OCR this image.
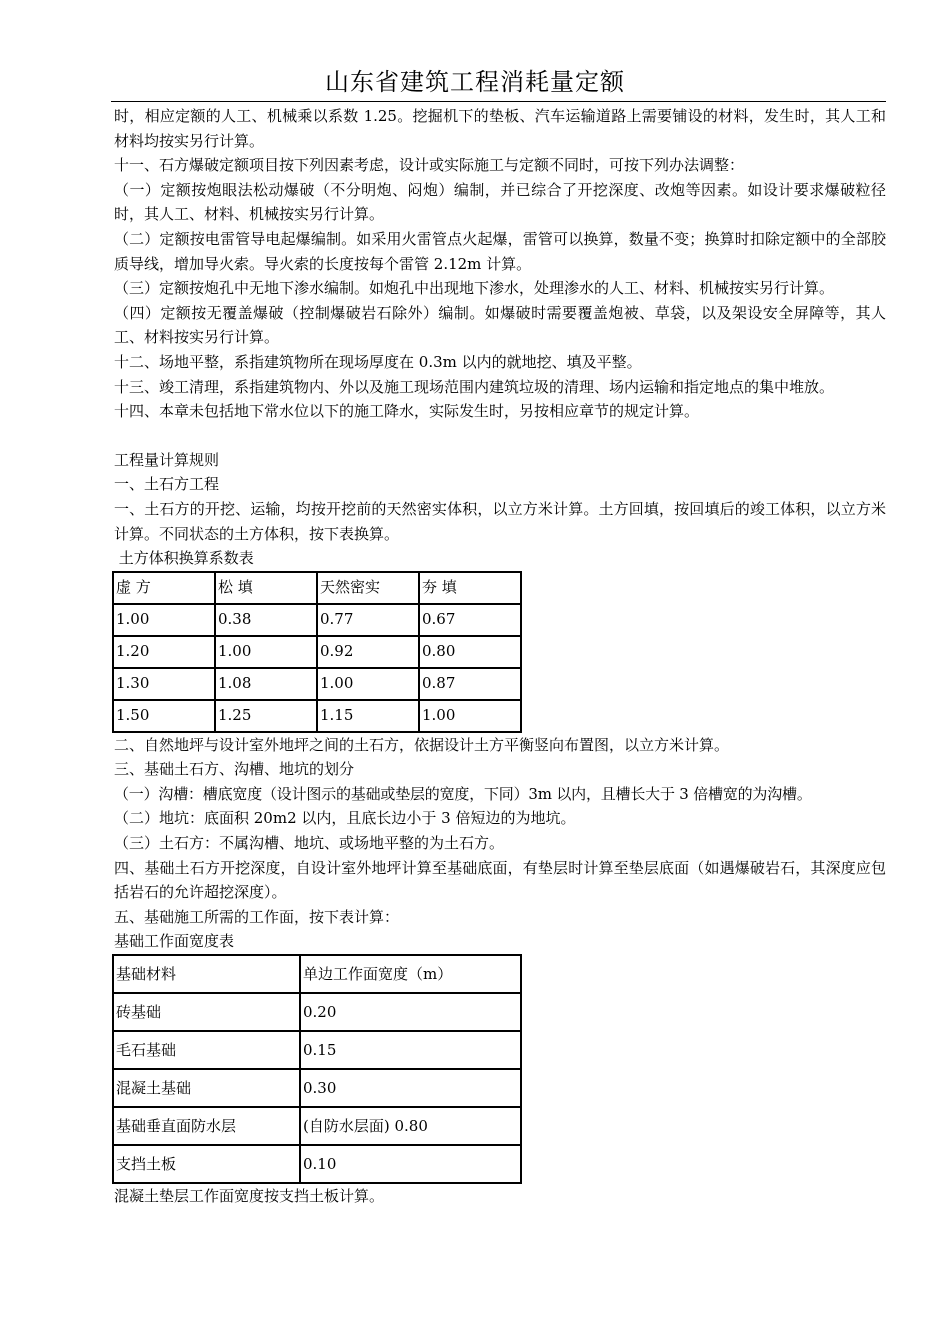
山东省建筑工程消耗量定额

时，相应定额的人工、机械乘以系数 1.25。挖掘机下的垫板、汽车运输道路上需要铺设的材料，发生时，其人工和材料均按实另行计算。

十一、石方爆破定额项目按下列因素考虑，设计或实际施工与定额不同时，可按下列办法调整：

（一）定额按炮眼法松动爆破（不分明炮、闷炮）编制，并已综合了开挖深度、改炮等因素。如设计要求爆破粒径时，其人工、材料、机械按实另行计算。

（二）定额按电雷管导电起爆编制。如采用火雷管点火起爆，雷管可以换算，数量不变；换算时扣除定额中的全部胶质导线，增加导火索。导火索的长度按每个雷管 2.12m 计算。

（三）定额按炮孔中无地下渗水编制。如炮孔中出现地下渗水，处理渗水的人工、材料、机械按实另行计算。

（四）定额按无覆盖爆破（控制爆破岩石除外）编制。如爆破时需要覆盖炮被、草袋，以及架设安全屏障等，其人工、材料按实另行计算。

十二、场地平整，系指建筑物所在现场厚度在 0.3m 以内的就地挖、填及平整。

十三、竣工清理，系指建筑物内、外以及施工现场范围内建筑垃圾的清理、场内运输和指定地点的集中堆放。

十四、本章未包括地下常水位以下的施工降水，实际发生时，另按相应章节的规定计算。

工程量计算规则

一、土石方工程

一、土石方的开挖、运输，均按开挖前的天然密实体积，以立方米计算。土方回填，按回填后的竣工体积，以立方米计算。不同状态的土方体积，按下表换算。

土方体积换算系数表

虚 方	松 填	天然密实	夯 填
1.00	0.38	0.77	0.67
1.20	1.00	0.92	0.80
1.30	1.08	1.00	0.87
1.50	1.25	1.15	1.00

二、自然地坪与设计室外地坪之间的土石方，依据设计土方平衡竖向布置图，以立方米计算。

三、基础土石方、沟槽、地坑的划分

（一）沟槽：槽底宽度（设计图示的基础或垫层的宽度，下同）3m 以内，且槽长大于 3 倍槽宽的为沟槽。

（二）地坑：底面积 20m2 以内，且底长边小于 3 倍短边的为地坑。

（三）土石方：不属沟槽、地坑、或场地平整的为土石方。

四、基础土石方开挖深度，自设计室外地坪计算至基础底面，有垫层时计算至垫层底面（如遇爆破岩石，其深度应包括岩石的允许超挖深度）。

五、基础施工所需的工作面，按下表计算：

基础工作面宽度表

基础材料	单边工作面宽度（m）
砖基础	0.20
毛石基础	0.15
混凝土基础	0.30
基础垂直面防水层	(自防水层面) 0.80
支挡土板	0.10

混凝土垫层工作面宽度按支挡土板计算。
